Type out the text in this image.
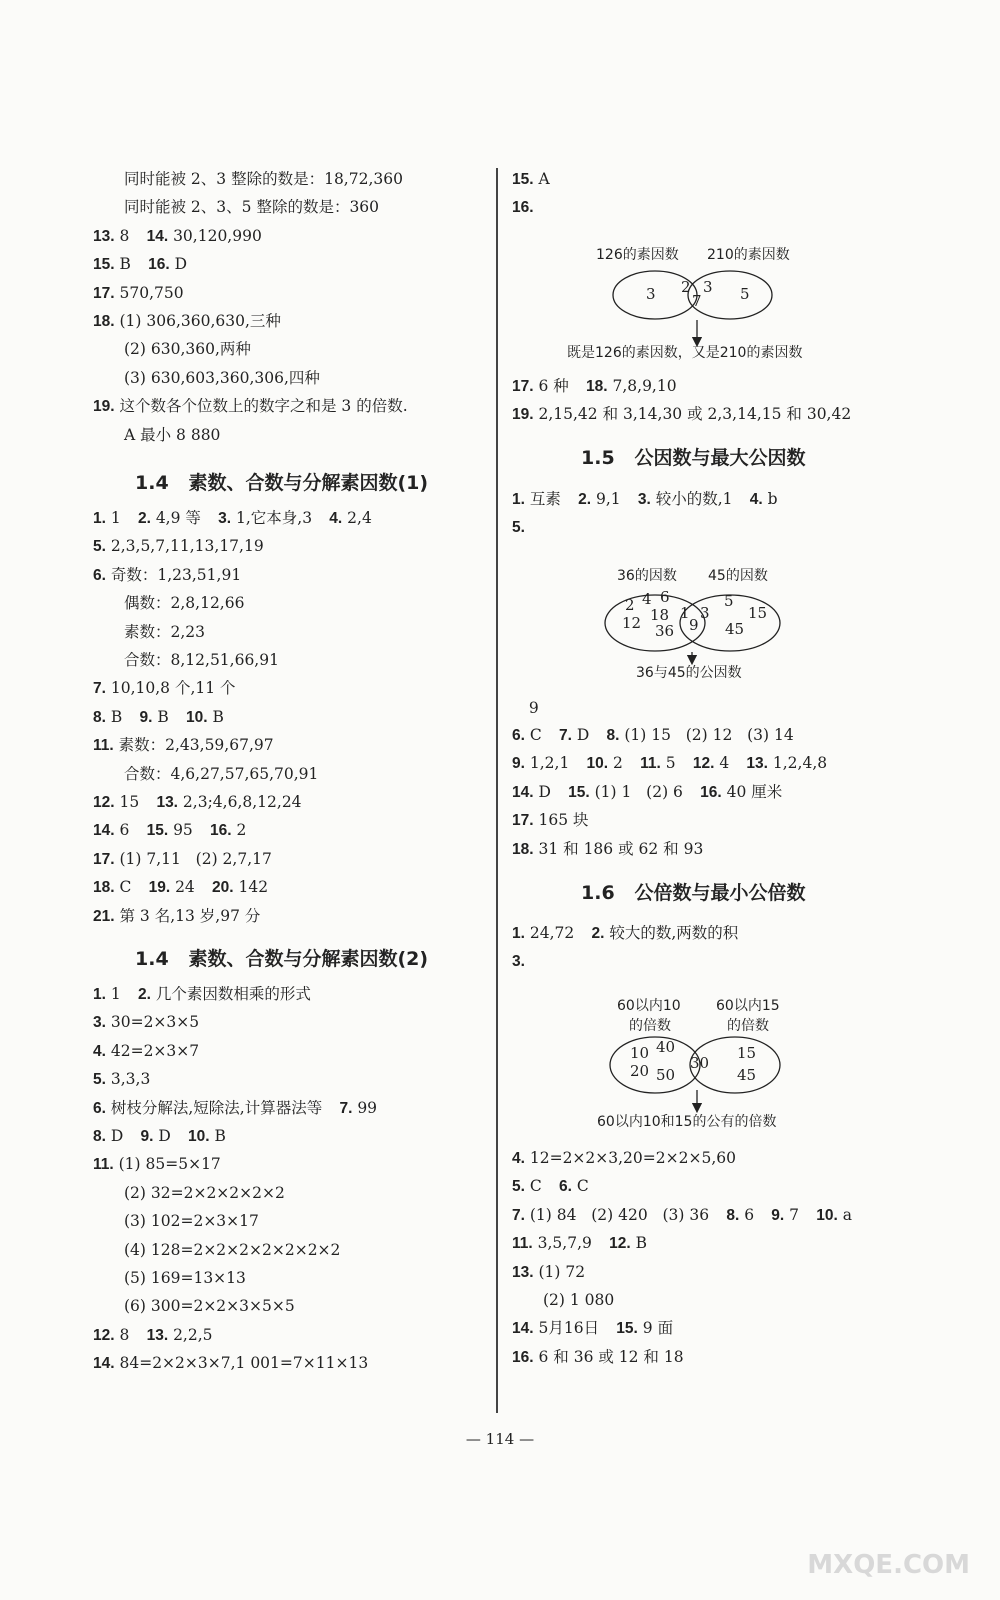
同时能被 2、3 整除的数是：18,72,360
同时能被 2、3、5 整除的数是：360
13. 8    14. 30,120,990
15. B    16. D
17. 570,750
18. (1) 306,360,630,三种
(2) 630,360,两种
(3) 630,603,360,306,四种
19. 这个数各个位数上的数字之和是 3 的倍数.
A 最小 8 880
1.4   素数、合数与分解素因数(1)
1. 1    2. 4,9 等    3. 1,它本身,3    4. 2,4
5. 2,3,5,7,11,13,17,19
6. 奇数：1,23,51,91
偶数：2,8,12,66
素数：2,23
合数：8,12,51,66,91
7. 10,10,8 个,11 个
8. B    9. B    10. B
11. 素数：2,43,59,67,97
合数：4,6,27,57,65,70,91
12. 15    13. 2,3;4,6,8,12,24
14. 6    15. 95    16. 2
17. (1) 7,11   (2) 2,7,17
18. C    19. 24    20. 142
21. 第 3 名,13 岁,97 分
1.4   素数、合数与分解素因数(2)
1. 1    2. 几个素因数相乘的形式
3. 30=2×3×5
4. 42=2×3×7
5. 3,3,3
6. 树枝分解法,短除法,计算器法等    7. 99
8. D    9. D    10. B
11. (1) 85=5×17
(2) 32=2×2×2×2×2
(3) 102=2×3×17
(4) 128=2×2×2×2×2×2×2
(5) 169=13×13
(6) 300=2×2×3×5×5
12. 8    13. 2,2,5
14. 84=2×2×3×7,1 001=7×11×13
15. A
16.
17. 6 种    18. 7,8,9,10
19. 2,15,42 和 3,14,30 或 2,3,14,15 和 30,42
1.5   公因数与最大公因数
1. 互素    2. 9,1    3. 较小的数,1    4. b
5.
9
6. C    7. D    8. (1) 15   (2) 12   (3) 14
9. 1,2,1    10. 2    11. 5    12. 4    13. 1,2,4,8
14. D    15. (1) 1   (2) 6    16. 40 厘米
17. 165 块
18. 31 和 186 或 62 和 93
1.6   公倍数与最小公倍数
1. 24,72    2. 较大的数,两数的积
3.
4. 12=2×2×3,20=2×2×5,60
5. C    6. C
7. (1) 84   (2) 420   (3) 36    8. 6    9. 7    10. a
11. 3,5,7,9    12. B
13. (1) 72
(2) 1 080
14. 5月16日    15. 9 面
16. 6 和 36 或 12 和 18
126的素因数 210的素因数
3 2 3
7	5
既是126的素因数，又是210的素因数
36的因数 45的因数
2 4 6
18
12 36
1 3
9
5
15
45
36与45的公因数
60以内10
的倍数
60以内15
的倍数
10 40
20 50
30
15
45
60以内10和15的公有的倍数
— 114 —
MXQE.COM
